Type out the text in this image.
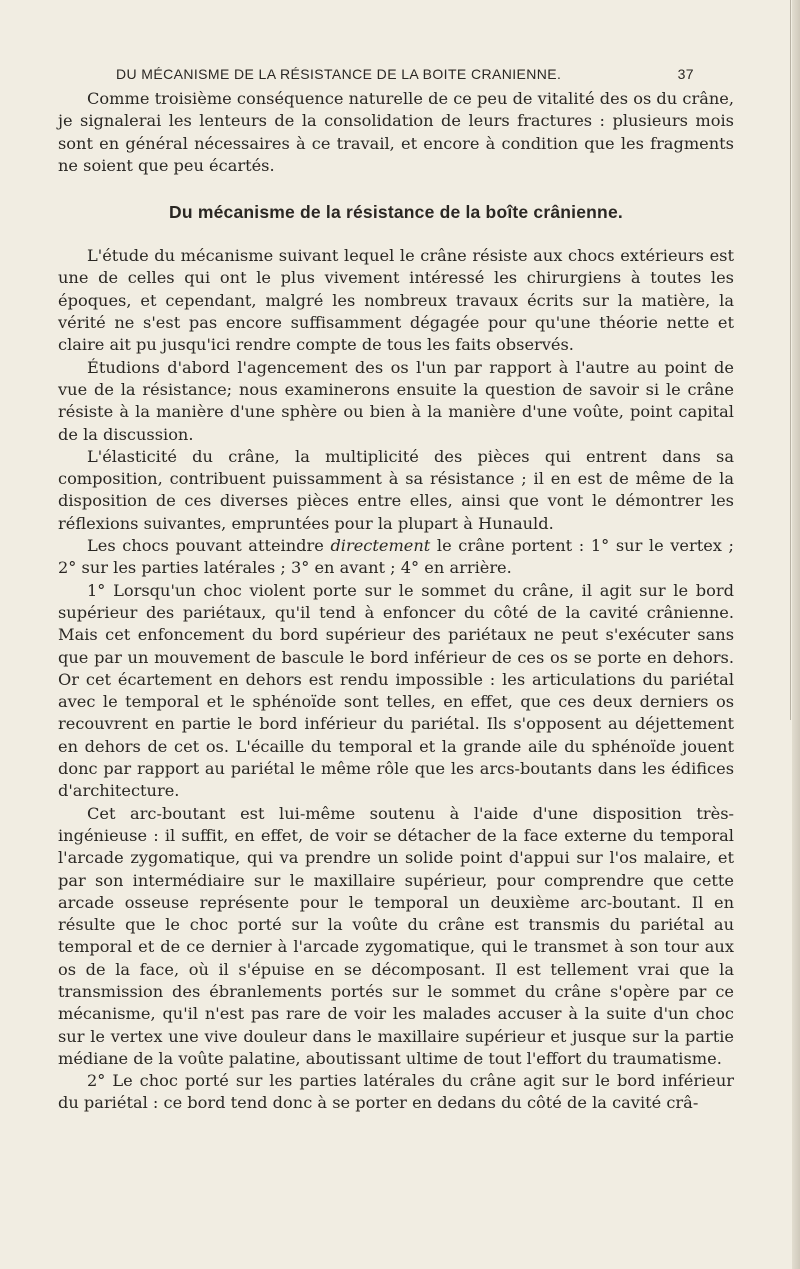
DU MÉCANISME DE LA RÉSISTANCE DE LA BOITE CRANIENNE.	37

Comme troisième conséquence naturelle de ce peu de vitalité des os du crâne, je signalerai les lenteurs de la consolidation de leurs fractures : plusieurs mois sont en général nécessaires à ce travail, et encore à condition que les fragments ne soient que peu écartés.

Du mécanisme de la résistance de la boîte crânienne.

L'étude du mécanisme suivant lequel le crâne résiste aux chocs extérieurs est une de celles qui ont le plus vivement intéressé les chirurgiens à toutes les époques, et cependant, malgré les nombreux travaux écrits sur la matière, la vérité ne s'est pas encore suffisamment dégagée pour qu'une théorie nette et claire ait pu jusqu'ici rendre compte de tous les faits observés.

Étudions d'abord l'agencement des os l'un par rapport à l'autre au point de vue de la résistance; nous examinerons ensuite la question de savoir si le crâne résiste à la manière d'une sphère ou bien à la manière d'une voûte, point capital de la discussion.

L'élasticité du crâne, la multiplicité des pièces qui entrent dans sa composition, contribuent puissamment à sa résistance ; il en est de même de la disposition de ces diverses pièces entre elles, ainsi que vont le démontrer les réflexions suivantes, empruntées pour la plupart à Hunauld.

Les chocs pouvant atteindre directement le crâne portent : 1° sur le vertex ; 2° sur les parties latérales ; 3° en avant ; 4° en arrière.

1° Lorsqu'un choc violent porte sur le sommet du crâne, il agit sur le bord supérieur des pariétaux, qu'il tend à enfoncer du côté de la cavité crânienne. Mais cet enfoncement du bord supérieur des pariétaux ne peut s'exécuter sans que par un mouvement de bascule le bord inférieur de ces os se porte en dehors. Or cet écartement en dehors est rendu impossible : les articulations du pariétal avec le temporal et le sphénoïde sont telles, en effet, que ces deux derniers os recouvrent en partie le bord inférieur du pariétal. Ils s'opposent au déjettement en dehors de cet os. L'écaille du temporal et la grande aile du sphénoïde jouent donc par rapport au pariétal le même rôle que les arcs-boutants dans les édifices d'architecture.

Cet arc-boutant est lui-même soutenu à l'aide d'une disposition très-ingénieuse : il suffit, en effet, de voir se détacher de la face externe du temporal l'arcade zygomatique, qui va prendre un solide point d'appui sur l'os malaire, et par son intermédiaire sur le maxillaire supérieur, pour comprendre que cette arcade osseuse représente pour le temporal un deuxième arc-boutant. Il en résulte que le choc porté sur la voûte du crâne est transmis du pariétal au temporal et de ce dernier à l'arcade zygomatique, qui le transmet à son tour aux os de la face, où il s'épuise en se décomposant. Il est tellement vrai que la transmission des ébranlements portés sur le sommet du crâne s'opère par ce mécanisme, qu'il n'est pas rare de voir les malades accuser à la suite d'un choc sur le vertex une vive douleur dans le maxillaire supérieur et jusque sur la partie médiane de la voûte palatine, aboutissant ultime de tout l'effort du traumatisme.

2° Le choc porté sur les parties latérales du crâne agit sur le bord inférieur du pariétal : ce bord tend donc à se porter en dedans du côté de la cavité crâ-
